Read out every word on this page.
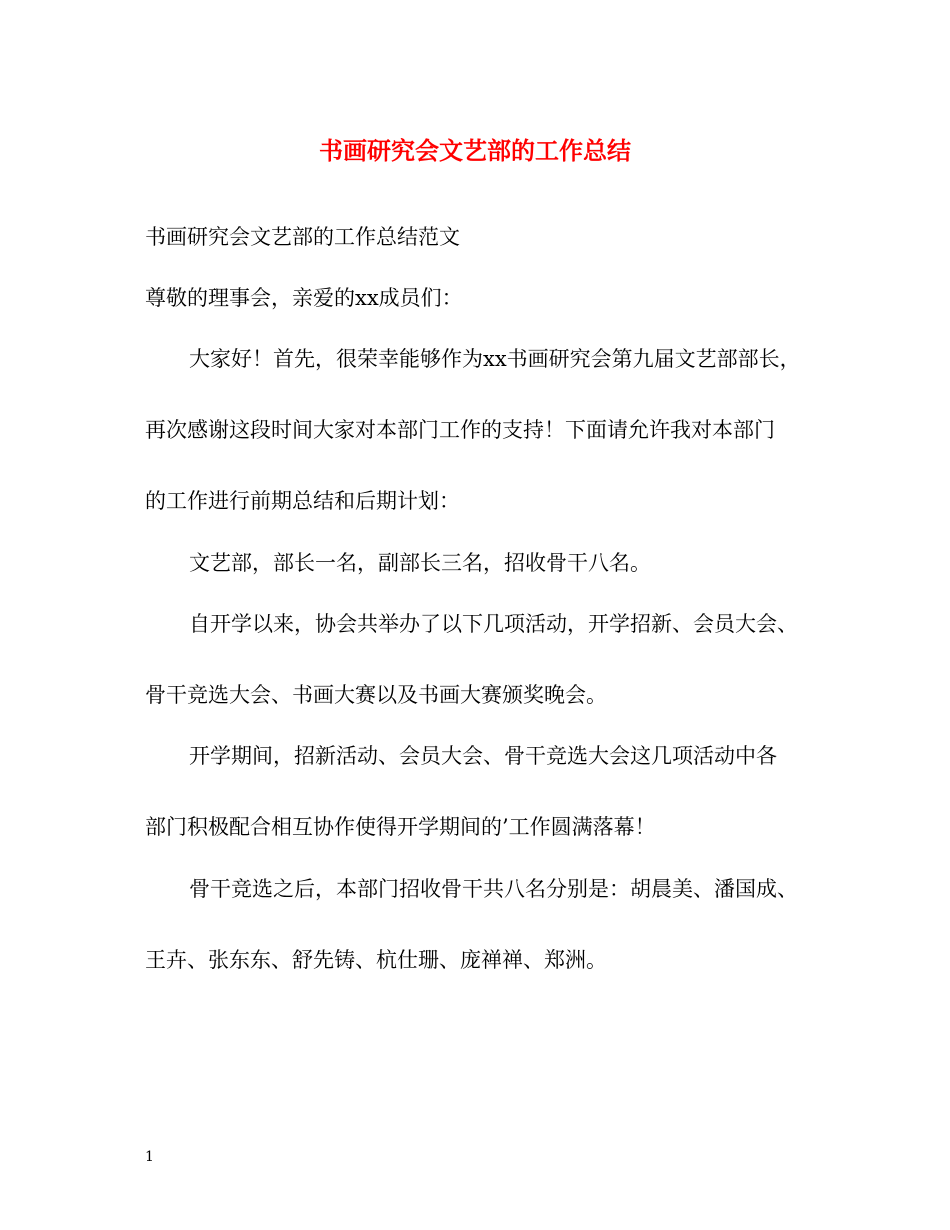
书画研究会文艺部的工作总结
书画研究会文艺部的工作总结范文
尊敬的理事会，亲爱的xx成员们：
大家好！首先，很荣幸能够作为xx书画研究会第九届文艺部部长，
再次感谢这段时间大家对本部门工作的支持！下面请允许我对本部门
的工作进行前期总结和后期计划：
文艺部，部长一名，副部长三名，招收骨干八名。
自开学以来，协会共举办了以下几项活动，开学招新、会员大会、
骨干竞选大会、书画大赛以及书画大赛颁奖晚会。
开学期间，招新活动、会员大会、骨干竞选大会这几项活动中各
部门积极配合相互协作使得开学期间的’工作圆满落幕！
骨干竞选之后，本部门招收骨干共八名分别是：胡晨美、潘国成、
王卉、张东东、舒先铸、杭仕珊、庞禅禅、郑洲。
1
